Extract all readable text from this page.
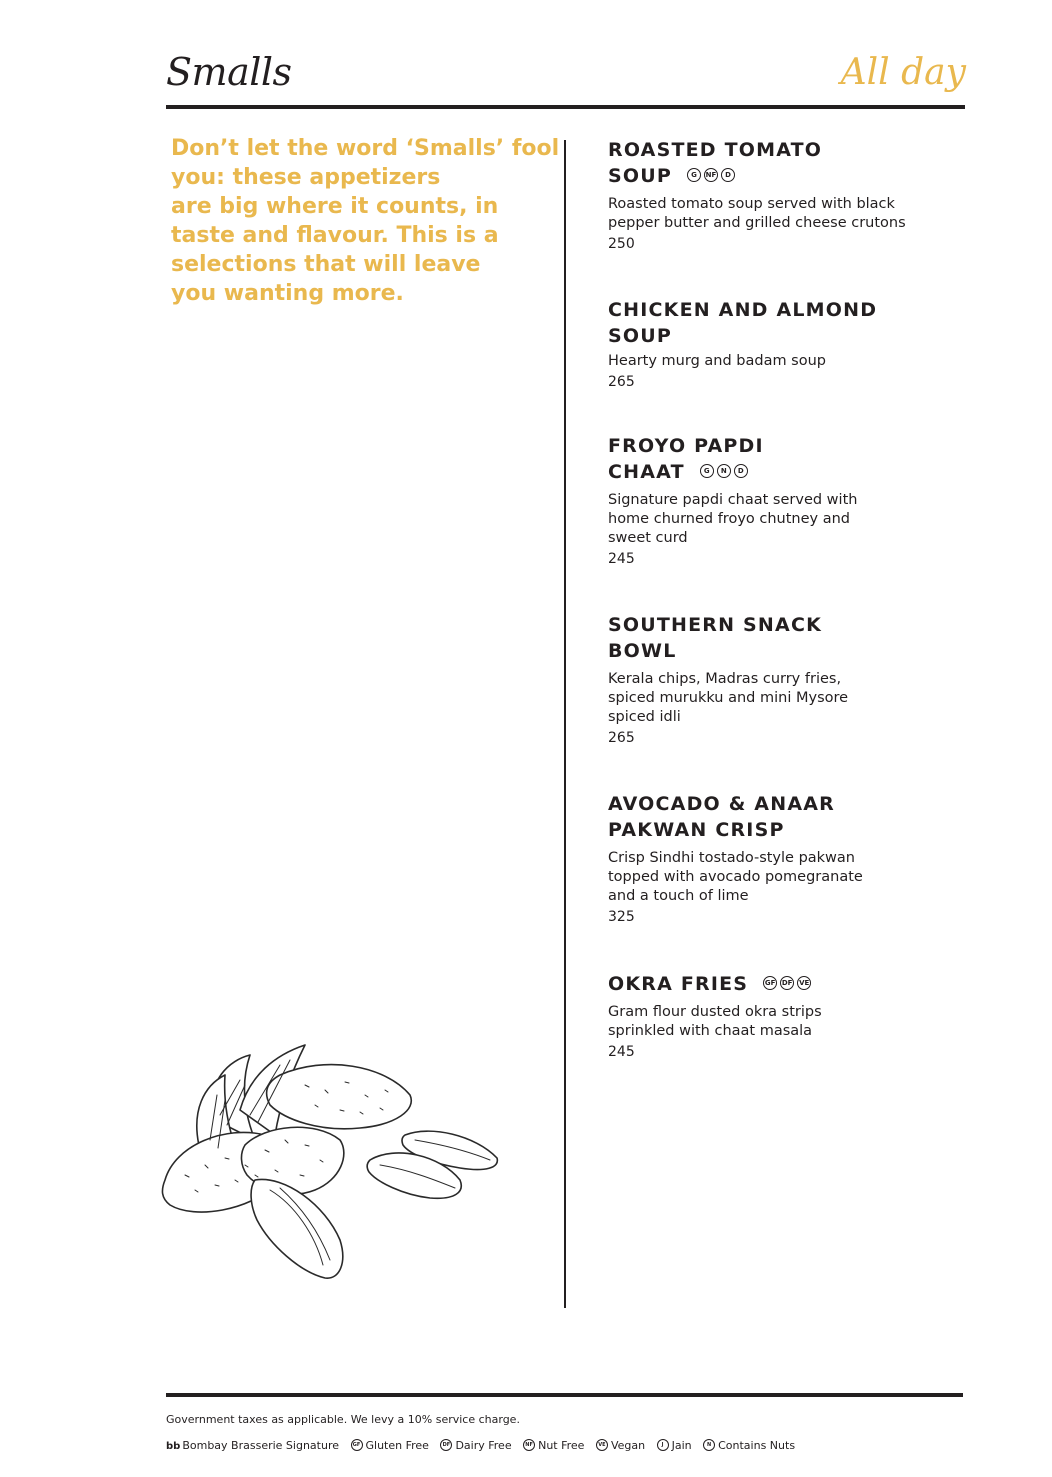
Smalls	All day
Don’t let the word ‘Smalls’ fool
you: these appetizers
are big where it counts, in
taste and flavour. This is a
selections that will leave
you wanting more.
ROASTED TOMATO
SOUP	G NF D
Roasted tomato soup served with black
pepper butter and grilled cheese crutons
250
CHICKEN AND ALMOND
SOUP
Hearty murg and badam soup
265
FROYO PAPDI
CHAAT	G N D
Signature papdi chaat served with
home churned froyo chutney and
sweet curd
245
SOUTHERN SNACK
BOWL
Kerala chips, Madras curry fries,
spiced murukku and mini Mysore
spiced idli
265
AVOCADO & ANAAR
PAKWAN CRISP
Crisp Sindhi tostado-style pakwan
topped with avocado pomegranate
and a touch of lime
325
OKRA FRIES GF DF VE
Gram flour dusted okra strips
sprinkled with chaat masala
245
Government taxes as applicable. We levy a 10% service charge.
bb Bombay Brasserie Signature	GF Gluten Free	DF Dairy Free	NF Nut Free	VE Vegan	J Jain	N Contains Nuts
